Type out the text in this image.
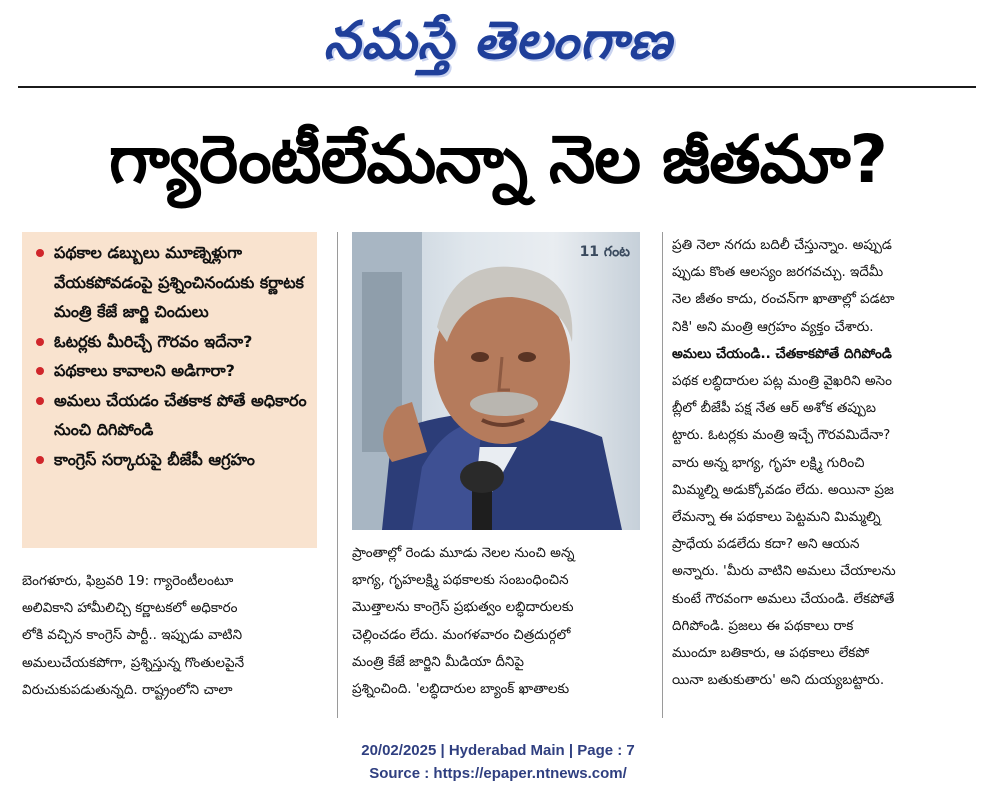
నమస్తే తెలంగాణ
గ్యారెంటీలేమన్నా నెల జీతమా?
పథకాల డబ్బులు మూణ్నెళ్లుగా వేయకపోవడంపై ప్రశ్నించినందుకు కర్ణాటక మంత్రి కేజే జార్జి చిందులు
ఓటర్లకు మీరిచ్చే గౌరవం ఇదేనా?
పథకాలు కావాలని అడిగారా?
అమలు చేయడం చేతకాక పోతే అధికారం నుంచి దిగిపోండి
కాంగ్రెస్ సర్కారుపై బీజేపీ ఆగ్రహం
11 గంట

బెంగళూరు, ఫిబ్రవరి 19: గ్యారెంటీలంటూ

అలివికాని హామీలిచ్చి కర్ణాటకలో అధికారం

లోకి వచ్చిన కాంగ్రెస్ పార్టీ.. ఇప్పుడు వాటిని

అమలుచేయకపోగా, ప్రశ్నిస్తున్న గొంతులపైనే

విరుచుకుపడుతున్నది. రాష్ట్రంలోని చాలా

ప్రాంతాల్లో రెండు మూడు నెలల నుంచి అన్న

భాగ్య, గృహలక్ష్మి పథకాలకు సంబంధించిన

మొత్తాలను కాంగ్రెస్ ప్రభుత్వం లబ్ధిదారులకు

చెల్లించడం లేదు. మంగళవారం చిత్రదుర్గలో

మంత్రి కేజే జార్జిని మీడియా దీనిపై

ప్రశ్నించింది. 'లబ్ధిదారుల బ్యాంక్ ఖాతాలకు

ప్రతి నెలా నగదు బదిలీ చేస్తున్నాం. అప్పుడ

ప్పుడు కొంత ఆలస్యం జరగవచ్చు. ఇదేమీ

నెల జీతం కాదు, రంచన్‌గా ఖాతాల్లో పడటా

నికి' అని మంత్రి ఆగ్రహం వ్యక్తం చేశారు.

అమలు చేయండి.. చేతకాకపోతే దిగిపోండి

పథక లబ్ధిదారుల పట్ల మంత్రి వైఖరిని అసెం

బ్లీలో బీజేపీ పక్ష నేత ఆర్ అశోక తప్పుబ

ట్టారు. ఓటర్లకు మంత్రి ఇచ్చే గౌరవమిదేనా?

వారు అన్న భాగ్య, గృహ లక్ష్మి గురించి

మిమ్మల్ని అడుక్కోవడం లేదు. అయినా ప్రజ

లేమన్నా ఈ పథకాలు పెట్టమని మిమ్మల్ని

ప్రాధేయ పడలేదు కదా? అని ఆయన

అన్నారు. 'మీరు వాటిని అమలు చేయాలను

కుంటే గౌరవంగా అమలు చేయండి. లేకపోతే

దిగిపోండి. ప్రజలు ఈ పథకాలు రాక

ముందూ బతికారు, ఆ పథకాలు లేకపో

యినా బతుకుతారు' అని దుయ్యబట్టారు.

20/02/2025 | Hyderabad Main | Page : 7
Source : https://epaper.ntnews.com/
